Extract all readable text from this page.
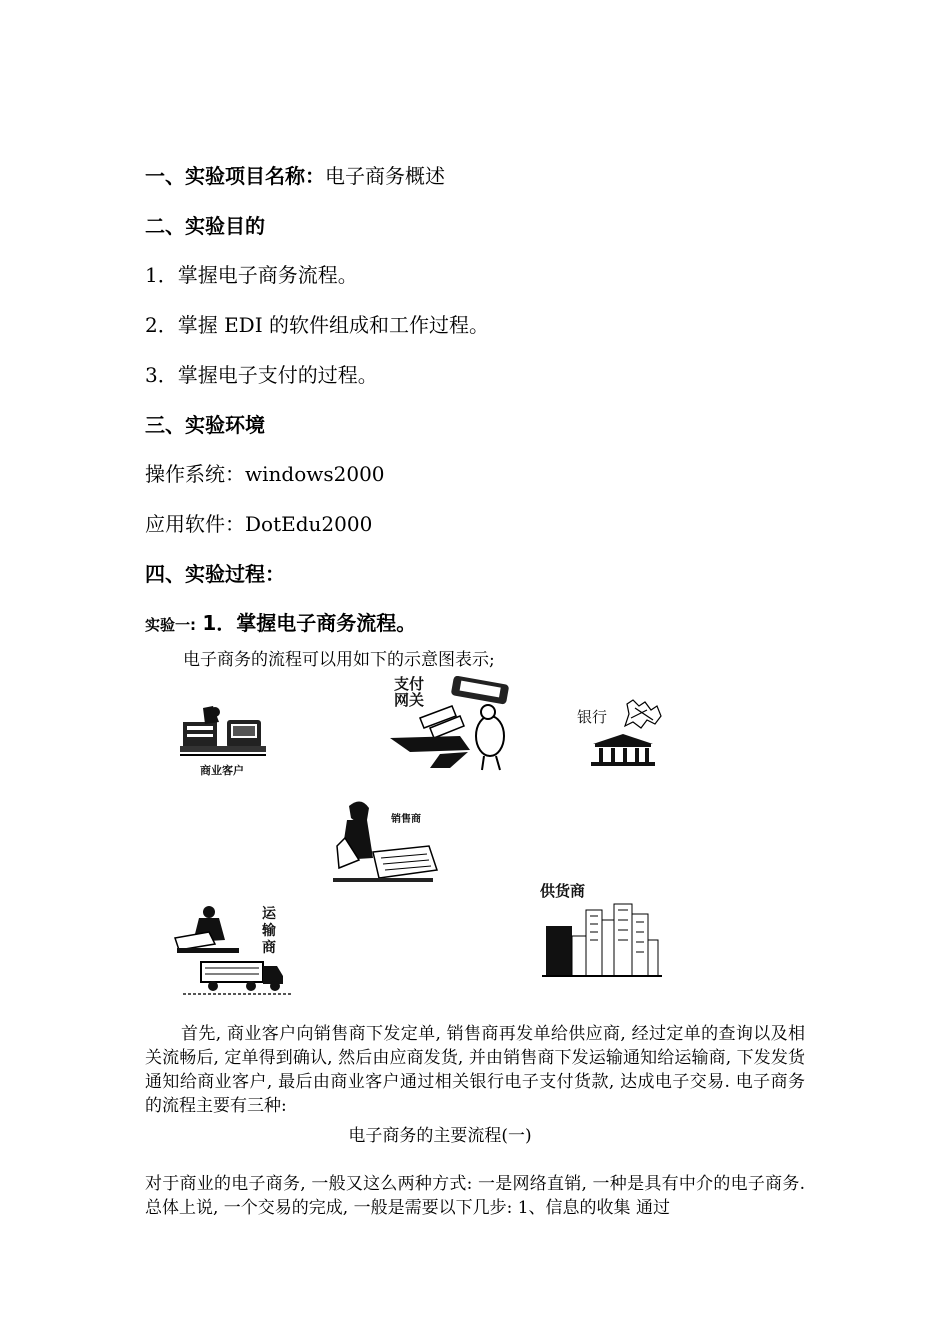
一、实验项目名称：电子商务概述
二、实验目的
1．掌握电子商务流程。
2．掌握 EDI 的软件组成和工作过程。
3．掌握电子支付的过程。
三、实验环境
操作系统：windows2000
应用软件：DotEdu2000
四、实验过程：
实验一: 1．掌握电子商务流程。
电子商务的流程可以用如下的示意图表示;
商业客户
支付
网关
银行
销售商
运
输
商
供货商
首先, 商业客户向销售商下发定单, 销售商再发单给供应商, 经过定单的查询以及相关流畅后, 定单得到确认, 然后由应商发货, 并由销售商下发运输通知给运输商, 下发发货通知给商业客户, 最后由商业客户通过相关银行电子支付货款, 达成电子交易. 电子商务的流程主要有三种:
电子商务的主要流程(一)
对于商业的电子商务, 一般又这么两种方式: 一是网络直销, 一种是具有中介的电子商务. 总体上说, 一个交易的完成, 一般是需要以下几步: 1、信息的收集 通过
